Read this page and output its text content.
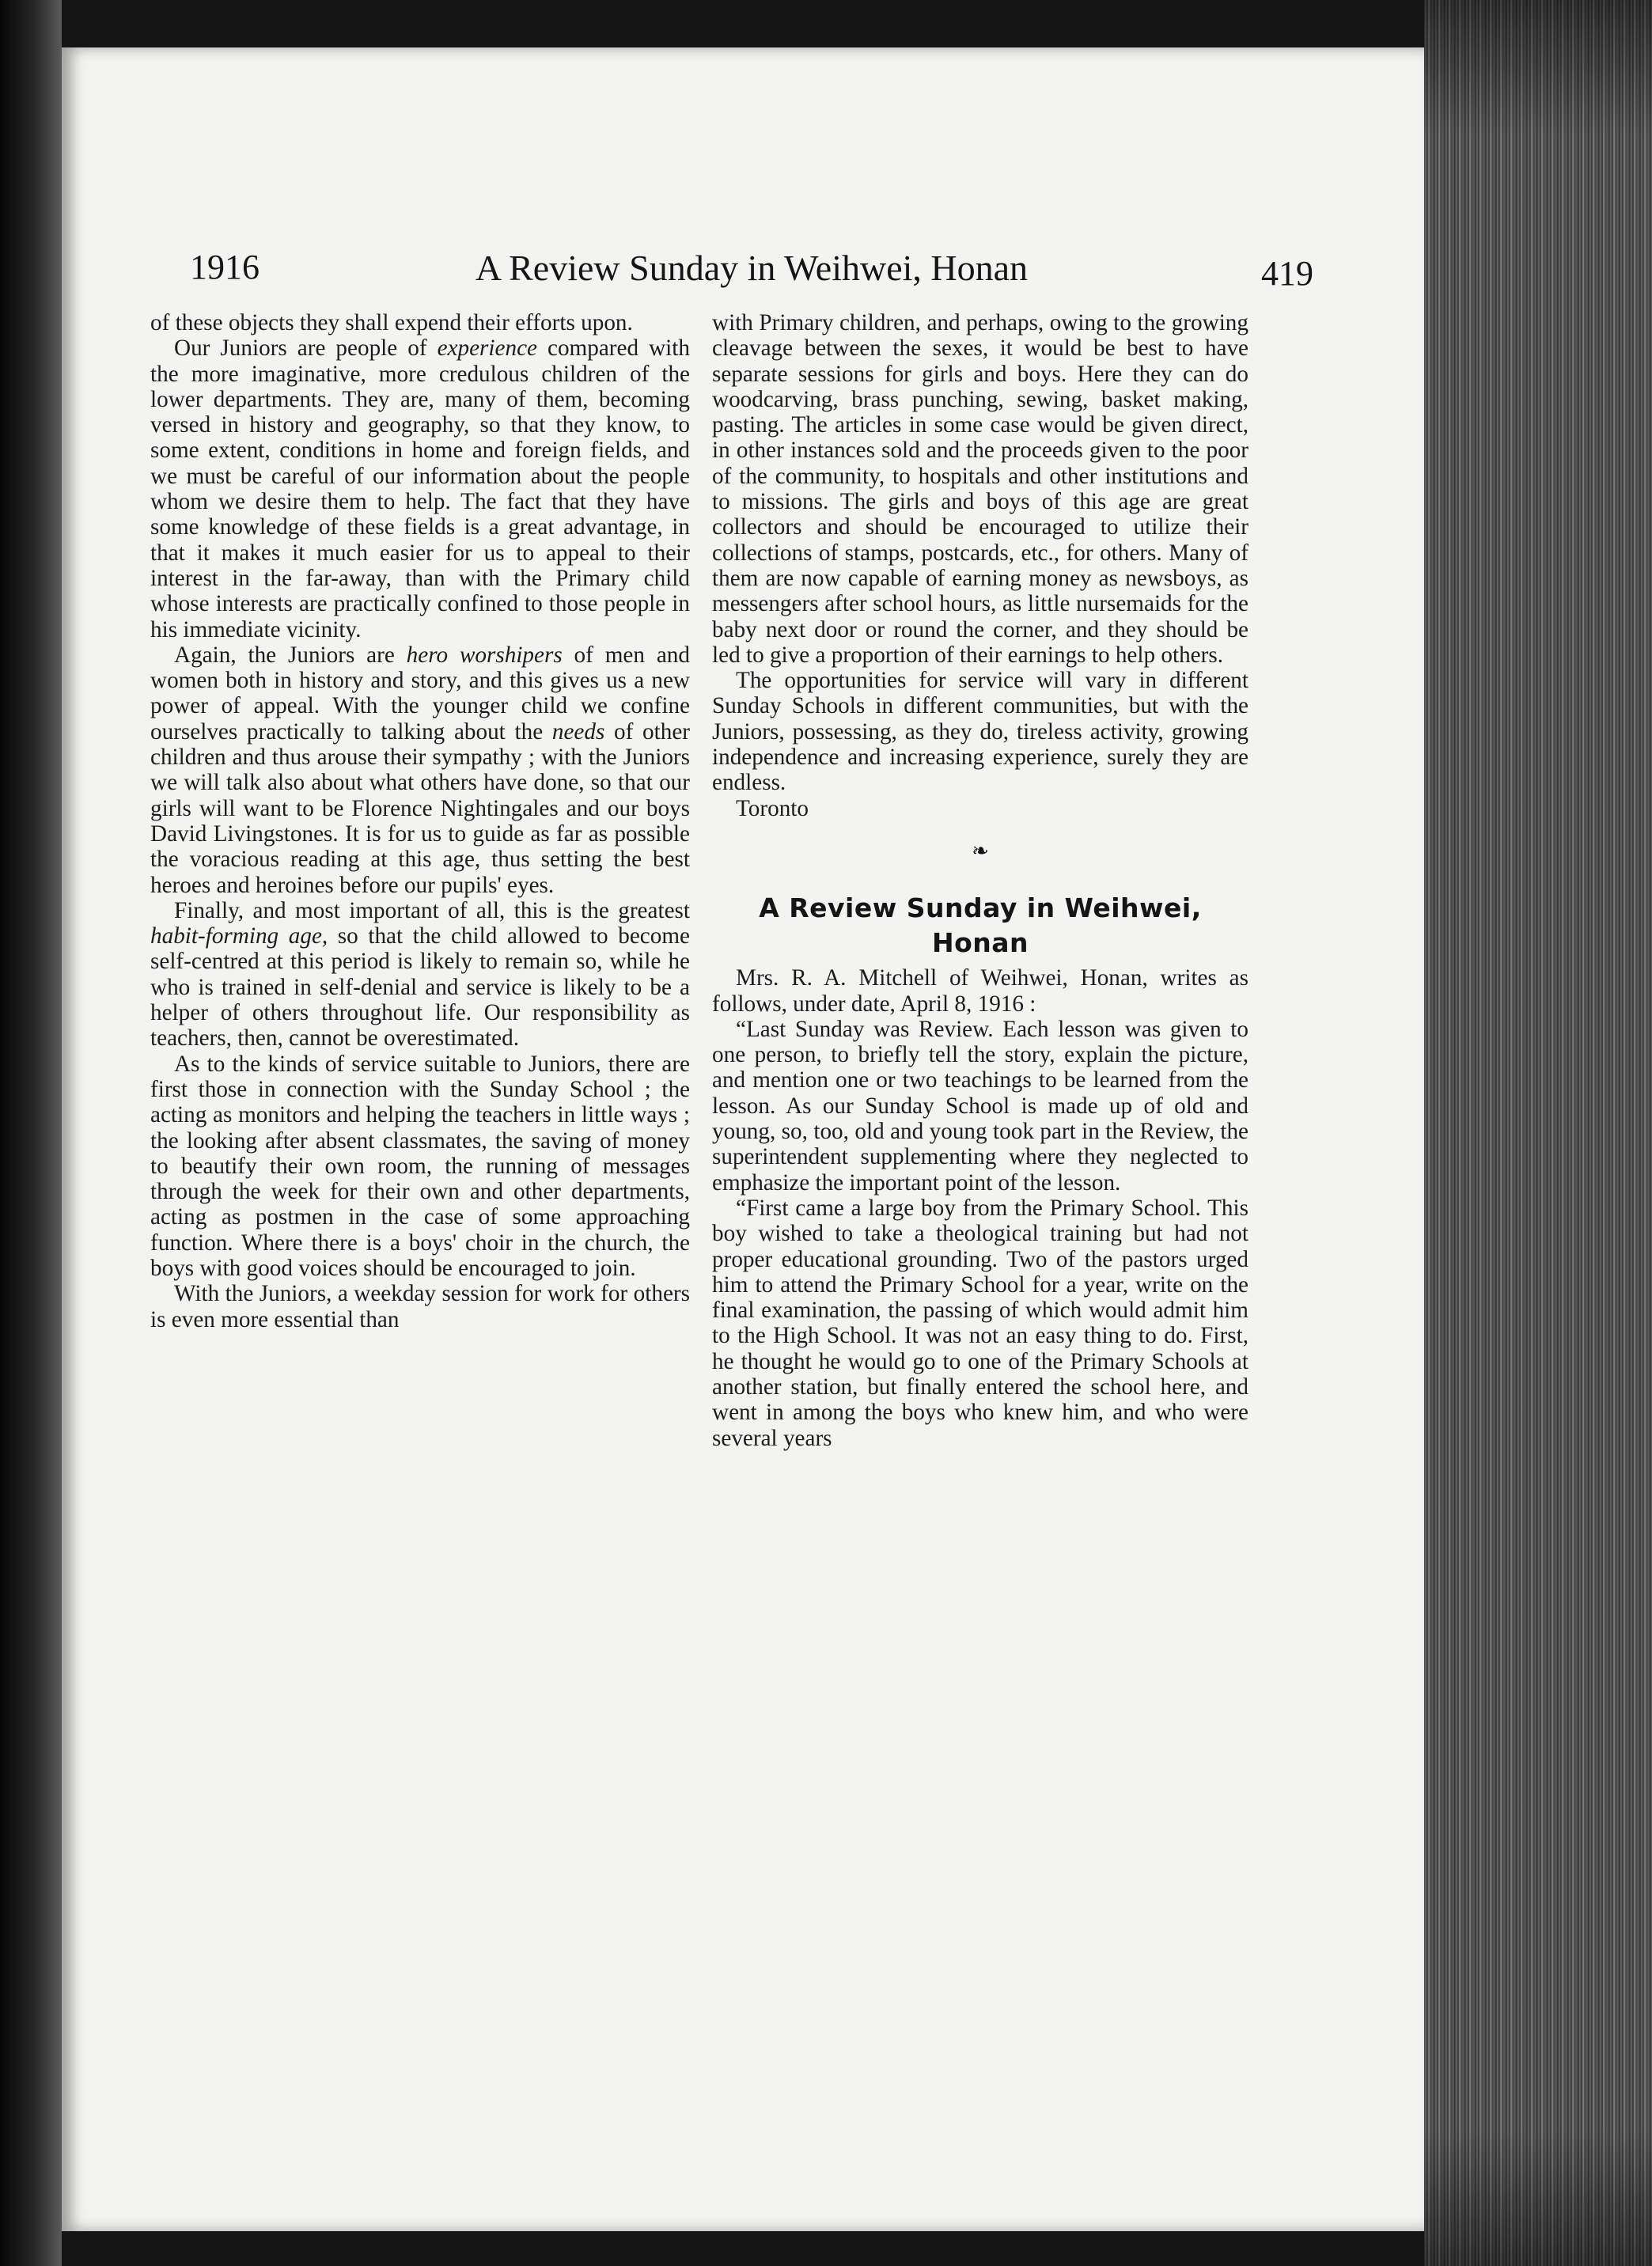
1916	A Review Sunday in Weihwei, Honan	419

of these objects they shall expend their efforts upon.

Our Juniors are people of experience compared with the more imaginative, more credulous children of the lower departments. They are, many of them, becoming versed in history and geography, so that they know, to some extent, conditions in home and foreign fields, and we must be careful of our information about the people whom we desire them to help. The fact that they have some knowledge of these fields is a great advantage, in that it makes it much easier for us to appeal to their interest in the far-away, than with the Primary child whose interests are practically confined to those people in his immediate vicinity.

Again, the Juniors are hero worshipers of men and women both in history and story, and this gives us a new power of appeal. With the younger child we confine ourselves practically to talking about the needs of other children and thus arouse their sympathy ; with the Juniors we will talk also about what others have done, so that our girls will want to be Florence Nightingales and our boys David Livingstones. It is for us to guide as far as possible the voracious reading at this age, thus setting the best heroes and heroines before our pupils' eyes.

Finally, and most important of all, this is the greatest habit-forming age, so that the child allowed to become self-centred at this period is likely to remain so, while he who is trained in self-denial and service is likely to be a helper of others throughout life. Our responsibility as teachers, then, cannot be overestimated.

As to the kinds of service suitable to Juniors, there are first those in connection with the Sunday School ; the acting as monitors and helping the teachers in little ways ; the looking after absent classmates, the saving of money to beautify their own room, the running of messages through the week for their own and other departments, acting as postmen in the case of some approaching function. Where there is a boys' choir in the church, the boys with good voices should be encouraged to join.

With the Juniors, a weekday session for work for others is even more essential than

with Primary children, and perhaps, owing to the growing cleavage between the sexes, it would be best to have separate sessions for girls and boys. Here they can do woodcarving, brass punching, sewing, basket making, pasting. The articles in some case would be given direct, in other instances sold and the proceeds given to the poor of the community, to hospitals and other institutions and to missions. The girls and boys of this age are great collectors and should be encouraged to utilize their collections of stamps, postcards, etc., for others. Many of them are now capable of earning money as newsboys, as messengers after school hours, as little nursemaids for the baby next door or round the corner, and they should be led to give a proportion of their earnings to help others.

The opportunities for service will vary in different Sunday Schools in different communities, but with the Juniors, possessing, as they do, tireless activity, growing independence and increasing experience, surely they are endless.

Toronto

❧
A Review Sunday in Weihwei, Honan

Mrs. R. A. Mitchell of Weihwei, Honan, writes as follows, under date, April 8, 1916 :

“Last Sunday was Review. Each lesson was given to one person, to briefly tell the story, explain the picture, and mention one or two teachings to be learned from the lesson. As our Sunday School is made up of old and young, so, too, old and young took part in the Review, the superintendent supplementing where they neglected to emphasize the important point of the lesson.

“First came a large boy from the Primary School. This boy wished to take a theological training but had not proper educational grounding. Two of the pastors urged him to attend the Primary School for a year, write on the final examination, the passing of which would admit him to the High School. It was not an easy thing to do. First, he thought he would go to one of the Primary Schools at another station, but finally entered the school here, and went in among the boys who knew him, and who were several years
